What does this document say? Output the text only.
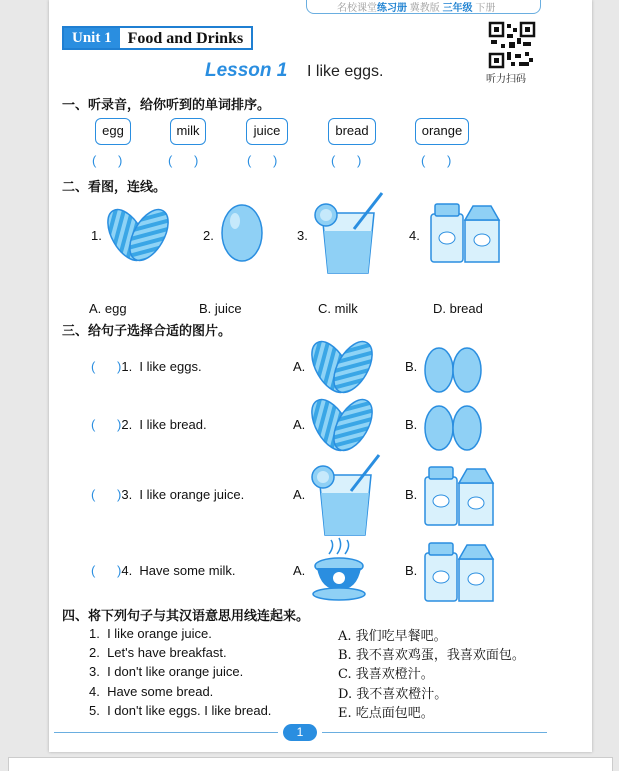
名校课堂练习册 冀教版 三年级 下册
Unit 1	Food and Drinks
听力扫码
Lesson 1 I like eggs.
一、听录音，给你听到的单词排序。
egg	milk	juice	bread	orange
(      )	(      )	(      )	(      )	(      )
二、看图，连线。
1.	2.	3.	4.
A. egg	B. juice	C. milk	D. bread
三、给句子选择合适的图片。
(      )1.  I like eggs.	A.	B.
(      )2.  I like bread.	A.	B.
(      )3.  I like orange juice.	A.	B.
(      )4.  Have some milk.	A.	B.
四、将下列句子与其汉语意思用线连起来。
1.  I like orange juice.
2.  Let's have breakfast.
3.  I don't like orange juice.
4.  Have some bread.
5.  I don't like eggs. I like bread.
A. 我们吃早餐吧。
B. 我不喜欢鸡蛋，我喜欢面包。
C. 我喜欢橙汁。
D. 我不喜欢橙汁。
E. 吃点面包吧。
1
